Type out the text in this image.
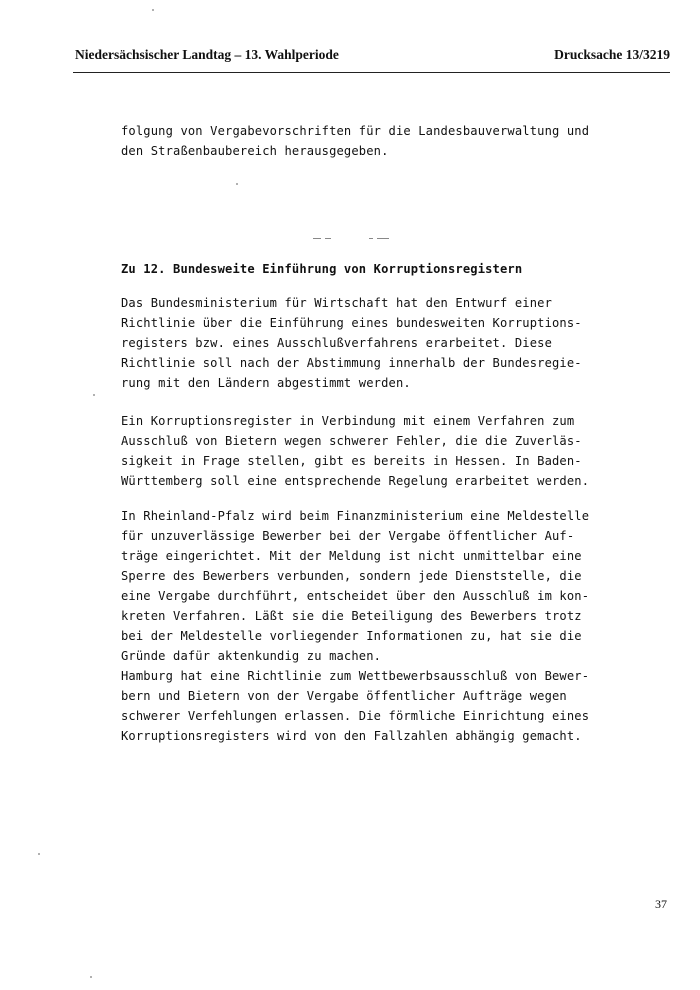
Niedersächsischer Landtag – 13. Wahlperiode	Drucksache 13/3219
folgung von Vergabevorschriften für die Landesbauverwaltung und
den Straßenbaubereich herausgegeben.
Zu 12. Bundesweite Einführung von Korruptionsregistern
Das Bundesministerium für Wirtschaft hat den Entwurf einer
Richtlinie über die Einführung eines bundesweiten Korruptions-
registers bzw. eines Ausschlußverfahrens erarbeitet. Diese
Richtlinie soll nach der Abstimmung innerhalb der Bundesregie-
rung mit den Ländern abgestimmt werden.
Ein Korruptionsregister in Verbindung mit einem Verfahren zum
Ausschluß von Bietern wegen schwerer Fehler, die die Zuverläs-
sigkeit in Frage stellen, gibt es bereits in Hessen. In Baden-
Württemberg soll eine entsprechende Regelung erarbeitet werden.
In Rheinland-Pfalz wird beim Finanzministerium eine Meldestelle
für unzuverlässige Bewerber bei der Vergabe öffentlicher Auf-
träge eingerichtet. Mit der Meldung ist nicht unmittelbar eine
Sperre des Bewerbers verbunden, sondern jede Dienststelle, die
eine Vergabe durchführt, entscheidet über den Ausschluß im kon-
kreten Verfahren. Läßt sie die Beteiligung des Bewerbers trotz
bei der Meldestelle vorliegender Informationen zu, hat sie die
Gründe dafür aktenkundig zu machen.
Hamburg hat eine Richtlinie zum Wettbewerbsausschluß von Bewer-
bern und Bietern von der Vergabe öffentlicher Aufträge wegen
schwerer Verfehlungen erlassen. Die förmliche Einrichtung eines
Korruptionsregisters wird von den Fallzahlen abhängig gemacht.
37
